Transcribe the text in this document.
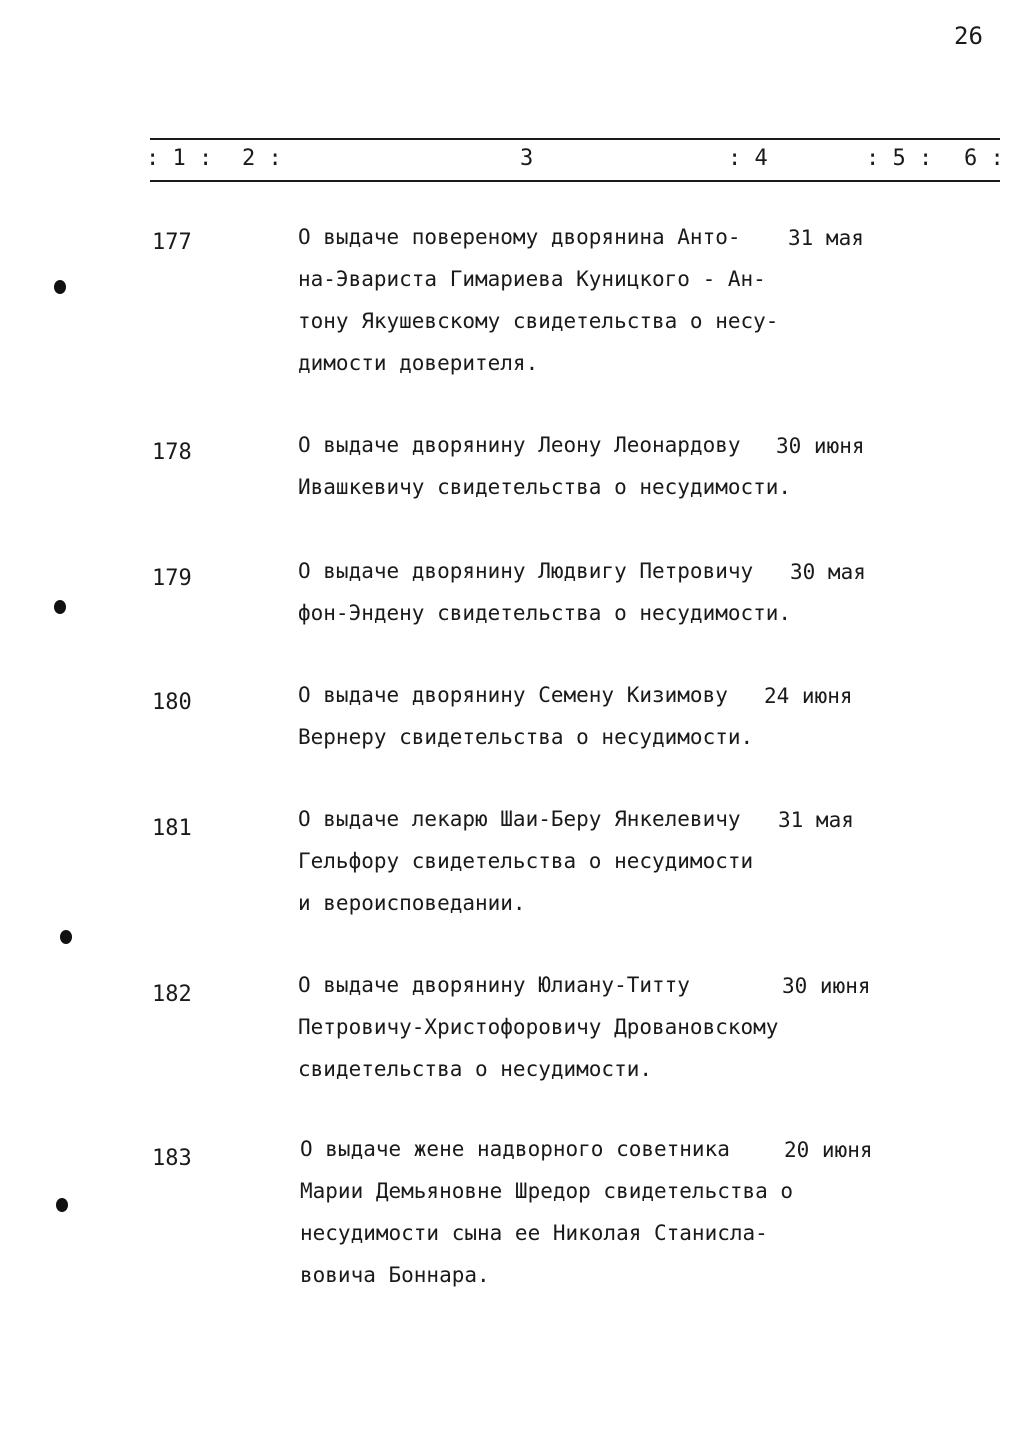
26
: 1 : 2 :	3	: 4	: 5 : 6 :
177	О выдаче повереному дворянина Анто-
на-Эвариста Гимариева Куницкого - Ан-
тону Якушевскому свидетельства о несу-
димости доверителя.
31 мая
178	О выдаче дворянину Леону Леонардову
Ивашкевичу свидетельства о несудимости.
30 июня
179	О выдаче дворянину Людвигу Петровичу
фон-Эндену свидетельства о несудимости.
30 мая
180	О выдаче дворянину Семену Кизимову
Вернеру свидетельства о несудимости.
24 июня
181	О выдаче лекарю Шаи-Беру Янкелевичу
Гельфору свидетельства о несудимости
и вероисповедании.
31 мая
182	О выдаче дворянину Юлиану-Титту
Петровичу-Христофоровичу Дровановскому
свидетельства о несудимости.
30 июня
183	О выдаче жене надворного советника
Марии Демьяновне Шредор свидетельства о
несудимости сына ее Николая Станисла-
вовича Боннара.
20 июня
